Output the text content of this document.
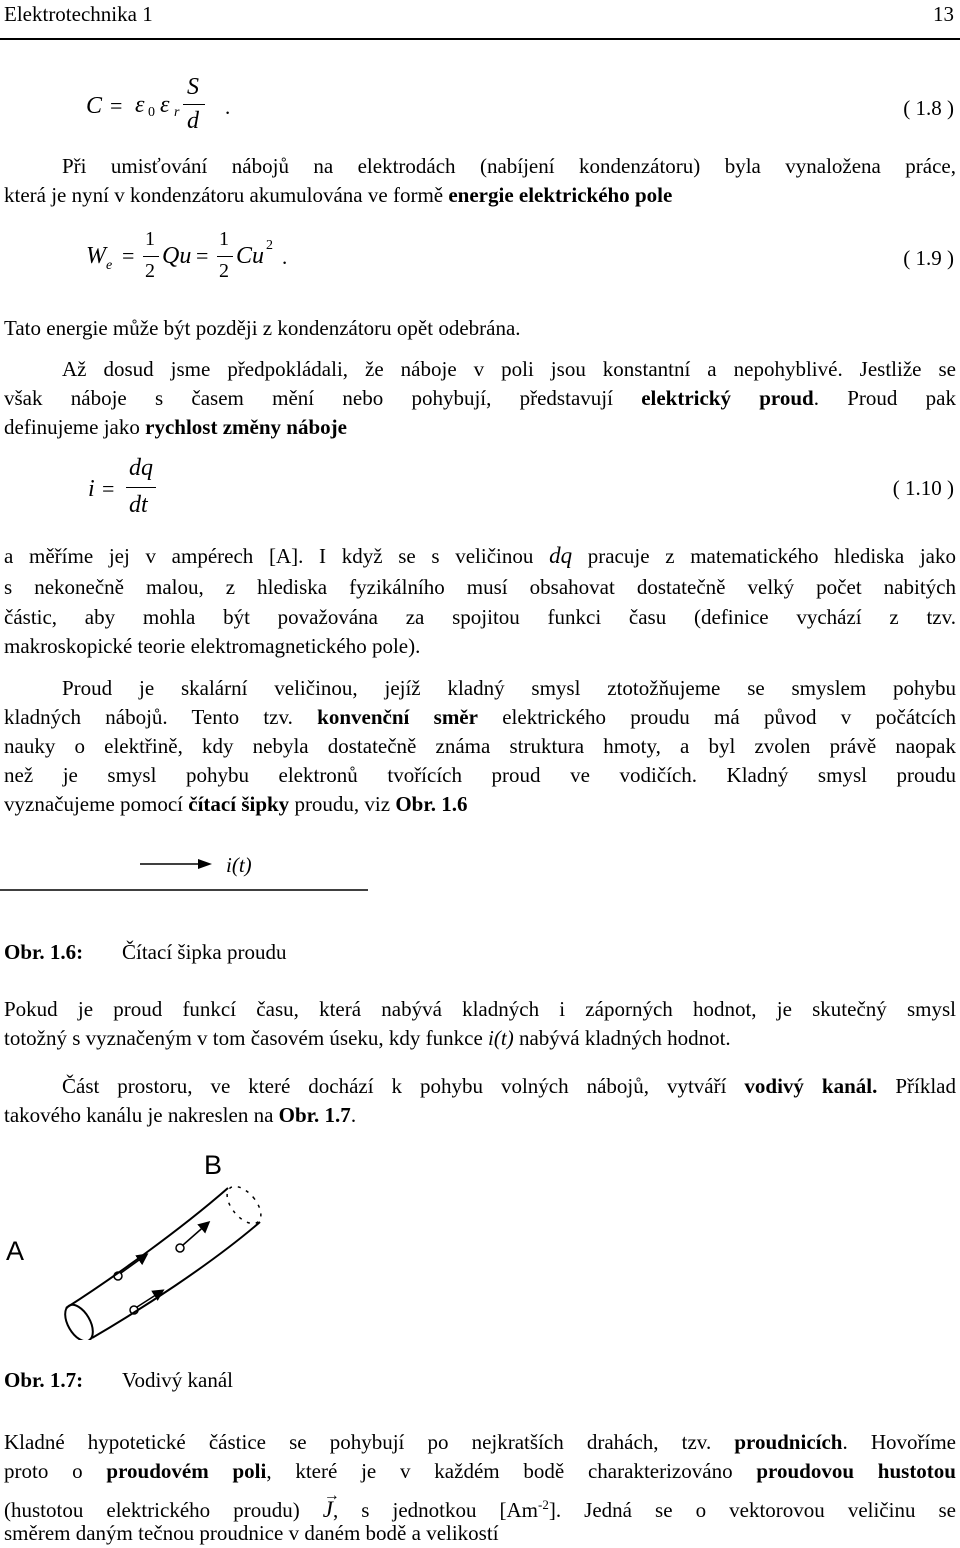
Elektrotechnika 1	13
C = ε 0 ε r
S
d
.	( 1.8 )
Při umisťování nábojů na elektrodách (nabíjení kondenzátoru) byla vynaložena práce,
která je nyní v kondenzátoru akumulována ve formě energie elektrického pole
W e =
1
2
Qu =
1
2
Cu 2 .	( 1.9 )
Tato energie může být později z kondenzátoru opět odebrána.
Až dosud jsme předpokládali, že náboje v poli jsou konstantní a nepohyblivé. Jestliže se
však náboje s časem mění nebo pohybují, představují elektrický proud. Proud pak
definujeme jako rychlost změny náboje
i =
dq
dt
( 1.10 )
a měříme jej v ampérech [A]. I když se s veličinou dq pracuje z matematického hlediska jako
s nekonečně malou, z hlediska fyzikálního musí obsahovat dostatečně velký počet nabitých
částic, aby mohla být považována za spojitou funkci času (definice vychází z tzv.
makroskopické teorie elektromagnetického pole).
Proud je skalární veličinou, jejíž kladný smysl ztotožňujeme se smyslem pohybu
kladných nábojů. Tento tzv. konvenční směr elektrického proudu má původ v počátcích
nauky o elektřině, kdy nebyla dostatečně známa struktura hmoty, a byl zvolen právě naopak
než je smysl pohybu elektronů tvořících proud ve vodičích. Kladný smysl proudu
vyznačujeme pomocí čítací šipky proudu, viz Obr. 1.6
i(t)
Obr. 1.6: Čítací šipka proudu
Pokud je proud funkcí času, která nabývá kladných i záporných hodnot, je skutečný smysl
totožný s vyznačeným v tom časovém úseku, kdy funkce i(t) nabývá kladných hodnot.
Část prostoru, ve které dochází k pohybu volných nábojů, vytváří vodivý kanál. Příklad
takového kanálu je nakreslen na Obr. 1.7.
A
B
Obr. 1.7: Vodivý kanál
Kladné hypotetické částice se pohybují po nejkratších drahách, tzv. proudnicích. Hovoříme
proto o proudovém poli, které je v každém bodě charakterizováno proudovou hustotou
(hustotou elektrického proudu)
→
J, s jednotkou $[Am^{-2}]$. Jedná se o vektorovou veličinu se
směrem daným tečnou proudnice v daném bodě a velikostí
